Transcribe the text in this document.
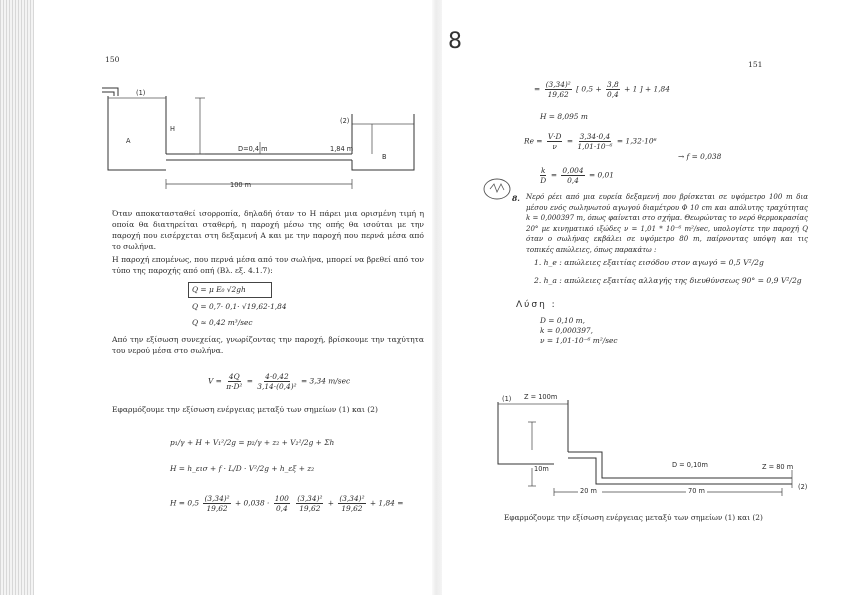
150
(1)
(2)
A
B
H
D=0,4 m	1,84 m
100 m
Όταν αποκατασταθεί ισορροπία, δηλαδή όταν το H πάρει μια ορισμένη τιμή η οποία θα διατηρείται σταθερή, η παροχή μέσω της οπής θα ισούται με την παροχή που εισέρχεται στη δεξαμενή A και με την παροχή που περνά μέσα από το σωλήνα.
Η παροχή επομένως, που περνά μέσα από τον σωλήνα, μπορεί να βρεθεί από τον τύπο της παροχής από οπή (Βλ. εξ. 4.1.7):
Q = μ E₀ √2gh
Q = 0,7· 0,1· √19,62·1,84
Q ≈ 0,42 m³/sec
Από την εξίσωση συνεχείας, γνωρίζοντας την παροχή, βρίσκουμε την ταχύτητα του νερού μέσα στο σωλήνα.
$V = \frac{4Q}{\text{π·D²}} = \frac{4\cdot 0,42}{\text{3,14·(0,4)²}} = 3,34$ m/sec
Εφαρμόζουμε την εξίσωση ενέργειας μεταξύ των σημείων (1) και (2)
p₁/γ + H + V₁²/2g = p₂/γ + z₂ + V₂²/2g + Σh
H = h_εισ + f · L/D · V²/2g + h_εξ + z₂
$H = 0,5 \frac{\text{(3,34)²}}{19,62} + 0,038 \cdot \frac{100}{0,4}$
$\frac{\text{(3,34)²}}{19,62} + \frac{\text{(3,34)²}}{19,62} + 1,84$ =
8
151
= $\frac{\text{(3,34)²}}{19,62}$ [ $0,5 + \frac{3,8}{0,4} + 1$ ] + 1,84
H = 8,095 m
$Re = \frac{V\cdot D}{\nu} = \frac{3,34\cdot 0,4}{\text{1,01·10⁻⁶}} = 1,32\cdot 10^6$
→ f = 0,038
$\frac{k}{D} = \frac{0,004}{0,4} = 0,01$
8. Νερό ρέει από μια ευρεία δεξαμενή που βρίσκεται σε υψόμετρο 100 m δια μέσου ενός σωληνωτού αγωγού διαμέτρου Φ 10 cm και απόλυτης τραχύτητας k = 0,000397 m, όπως φαίνεται στο σχήμα. Θεωρώντας το νερό θερμοκρασίας 20° με κινηματικό ιξώδες ν = 1,01 * 10⁻⁶ m²/sec, υπολογίστε την παροχή Q όταν ο σωλήνας εκβάλει σε υψόμετρο 80 m, παίρνοντας υπόψη και τις τοπικές απώλειες, όπως παρακάτω :
1. h_e : απώλειες εξαιτίας εισόδου στον αγωγό = 0,5 V²/2g
2. h_a : απώλειες εξαιτίας αλλαγής της διευθύνσεως 90° = 0,9 V²/2g
Λύση :
D = 0,10 m,
k = 0,000397,
ν = 1,01·10⁻⁶ m²/sec
(1) Z = 100m
10m	D = 0,10m	Z = 80 m
(2)
20 m	70 m
Εφαρμόζουμε την εξίσωση ενέργειας μεταξύ των σημείων (1) και (2)
